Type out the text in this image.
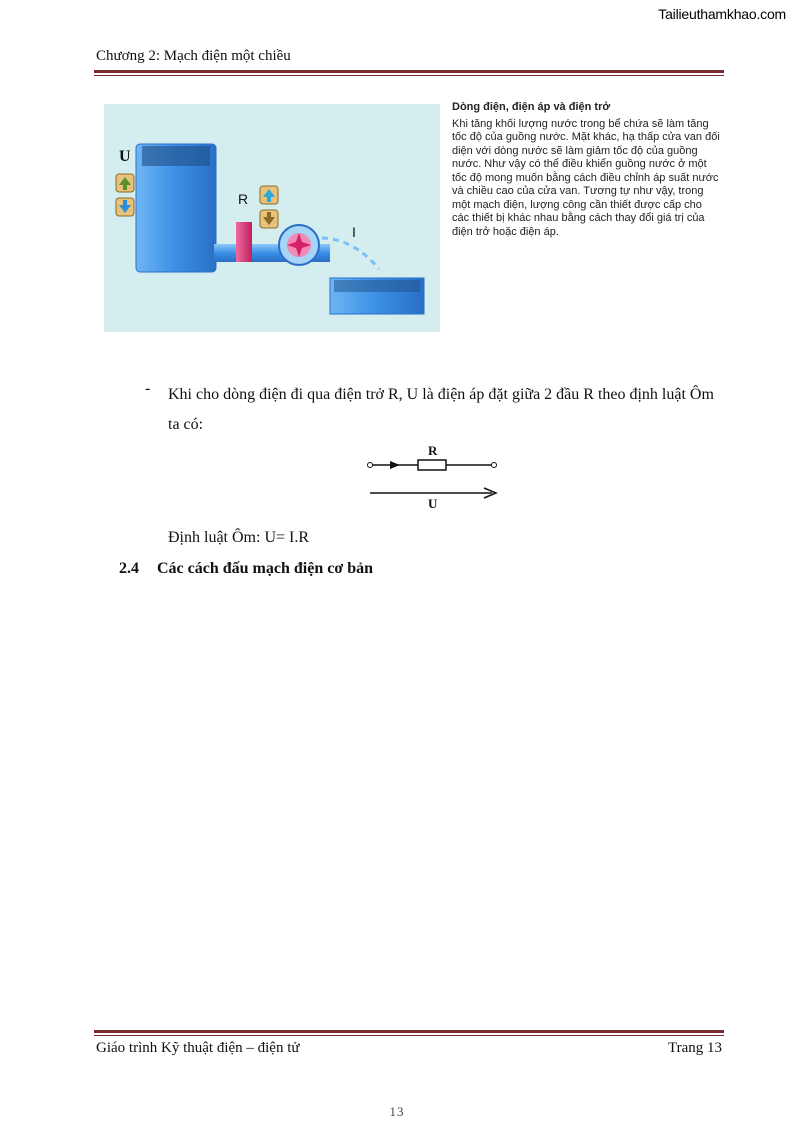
Tailieuthamkhao.com
Chương 2: Mạch điện một chiều
U
R
I
Dòng điện, điện áp và điện trở
Khi tăng khối lượng nước trong bể chứa sẽ làm tăng tốc độ của guồng nước. Mặt khác, hạ thấp cửa van đối diện với dòng nước sẽ làm giảm tốc độ của guồng nước. Như vậy có thể điều khiển guồng nước ở một tốc độ mong muốn bằng cách điều chỉnh áp suất nước và chiều cao của cửa van. Tương tự như vậy, trong một mạch điện, lượng công cần thiết được cấp cho các thiết bị khác nhau bằng cách thay đổi giá trị của điện trở hoặc điện áp.
- Khi cho dòng điện đi qua điện trở R, U là điện áp đặt giữa 2 đầu R theo định luật Ôm ta có:
R
U
Định luật Ôm: U= I.R
2.4 Các cách đấu mạch điện cơ bản
Giáo trình Kỹ thuật điện – điện tử	Trang 13
13
